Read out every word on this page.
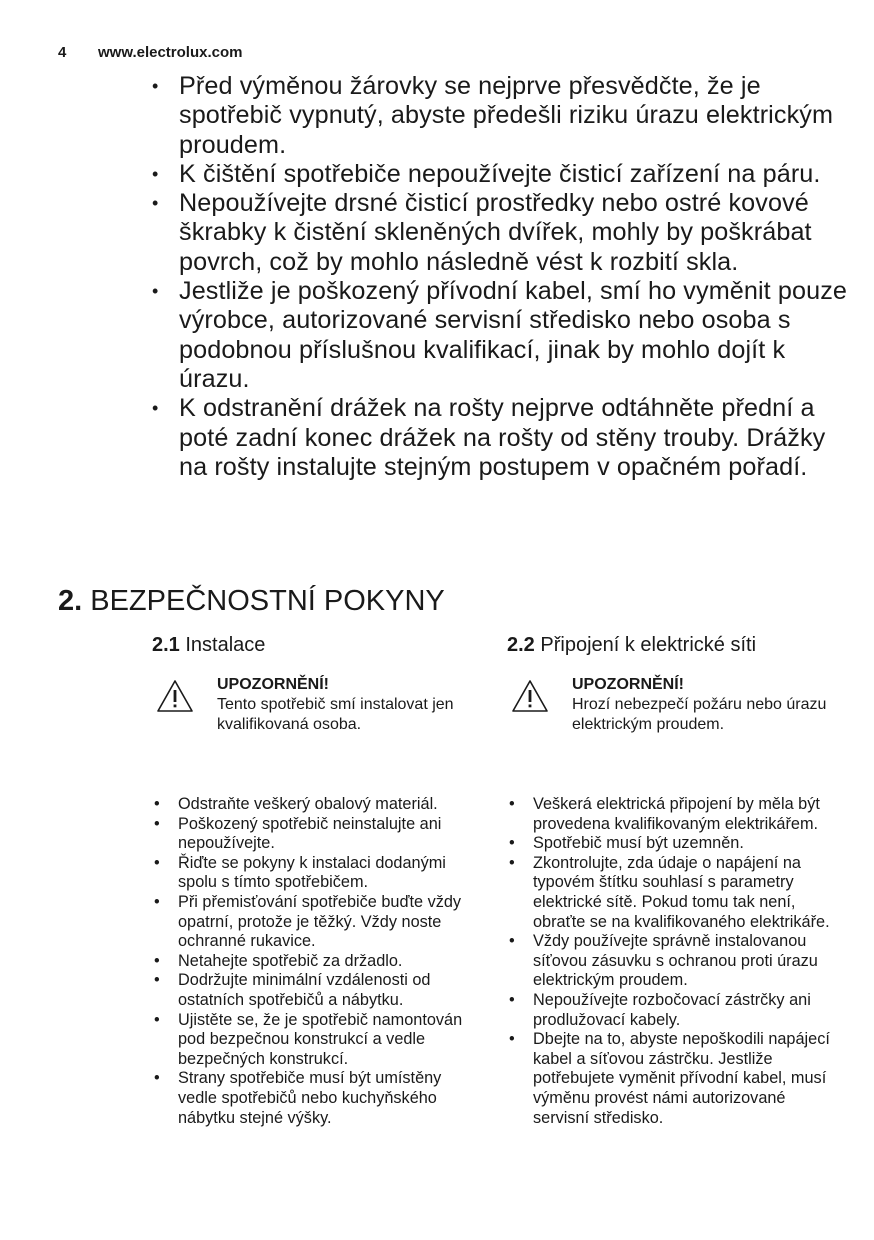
4 www.electrolux.com
• Před výměnou žárovky se nejprve přesvědčte, že je spotřebič vypnutý, abyste předešli riziku úrazu elektrickým proudem.
• K čištění spotřebiče nepoužívejte čisticí zařízení na páru.
• Nepoužívejte drsné čisticí prostředky nebo ostré kovové škrabky k čistění skleněných dvířek, mohly by poškrábat povrch, což by mohlo následně vést k rozbití skla.
• Jestliže je poškozený přívodní kabel, smí ho vyměnit pouze výrobce, autorizované servisní středisko nebo osoba s podobnou příslušnou kvalifikací, jinak by mohlo dojít k úrazu.
• K odstranění drážek na rošty nejprve odtáhněte přední a poté zadní konec drážek na rošty od stěny trouby. Drážky na rošty instalujte stejným postupem v opačném pořadí.
2. BEZPEČNOSTNÍ POKYNY
2.1 Instalace
UPOZORNĚNÍ!
Tento spotřebič smí instalovat jen kvalifikovaná osoba.
• Odstraňte veškerý obalový materiál.
• Poškozený spotřebič neinstalujte ani nepoužívejte.
• Řiďte se pokyny k instalaci dodanými spolu s tímto spotřebičem.
• Při přemisťování spotřebiče buďte vždy opatrní, protože je těžký. Vždy noste ochranné rukavice.
• Netahejte spotřebič za držadlo.
• Dodržujte minimální vzdálenosti od ostatních spotřebičů a nábytku.
• Ujistěte se, že je spotřebič namontován pod bezpečnou konstrukcí a vedle bezpečných konstrukcí.
• Strany spotřebiče musí být umístěny vedle spotřebičů nebo kuchyňského nábytku stejné výšky.
2.2 Připojení k elektrické síti
UPOZORNĚNÍ!
Hrozí nebezpečí požáru nebo úrazu elektrickým proudem.
• Veškerá elektrická připojení by měla být provedena kvalifikovaným elektrikářem.
• Spotřebič musí být uzemněn.
• Zkontrolujte, zda údaje o napájení na typovém štítku souhlasí s parametry elektrické sítě. Pokud tomu tak není, obraťte se na kvalifikovaného elektrikáře.
• Vždy používejte správně instalovanou síťovou zásuvku s ochranou proti úrazu elektrickým proudem.
• Nepoužívejte rozbočovací zástrčky ani prodlužovací kabely.
• Dbejte na to, abyste nepoškodili napájecí kabel a síťovou zástrčku. Jestliže potřebujete vyměnit přívodní kabel, musí výměnu provést námi autorizované servisní středisko.
